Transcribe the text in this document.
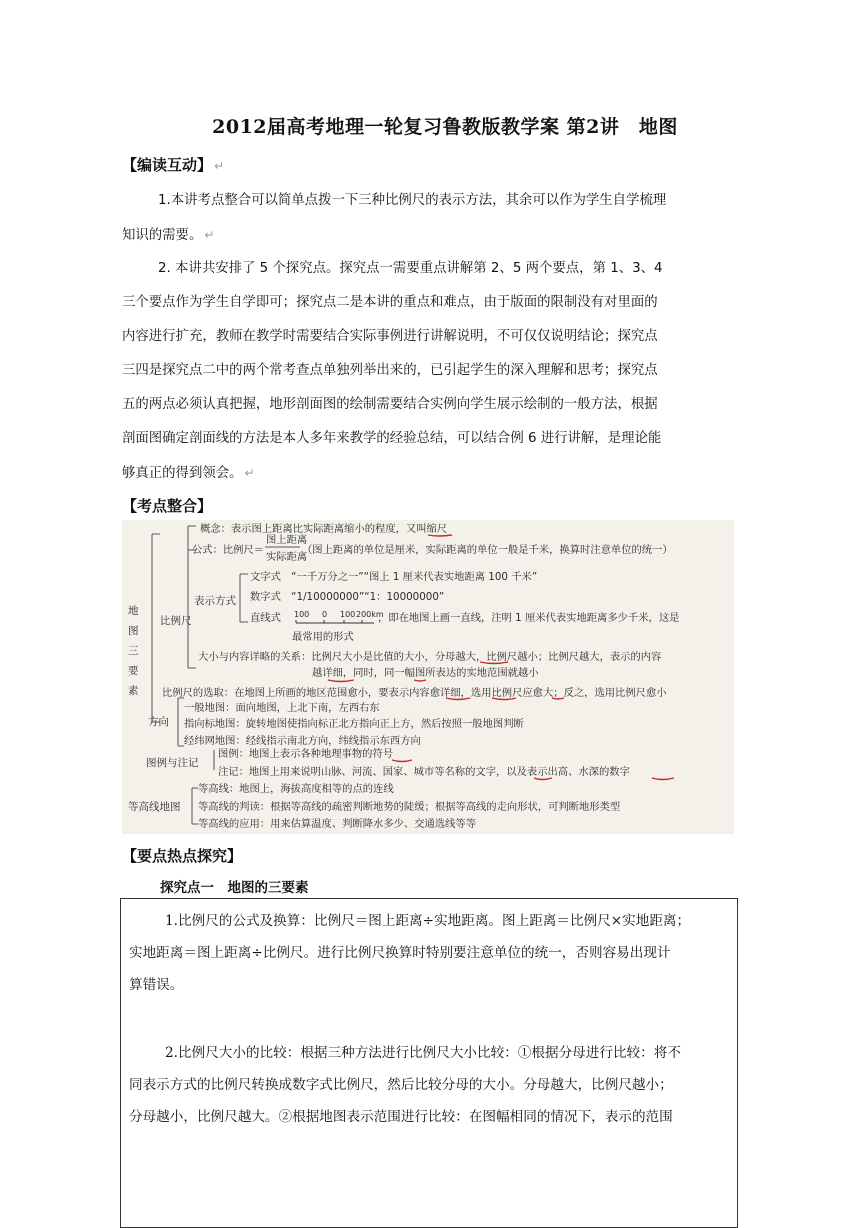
2012届高考地理一轮复习鲁教版教学案 第2讲　地图
【编读互动】 ↵
1.本讲考点整合可以简单点拨一下三种比例尺的表示方法，其余可以作为学生自学梳理
知识的需要。 ↵
2. 本讲共安排了 5 个探究点。探究点一需要重点讲解第 2、5 两个要点，第 1、3、4
三个要点作为学生自学即可；探究点二是本讲的重点和难点，由于版面的限制没有对里面的
内容进行扩充，教师在教学时需要结合实际事例进行讲解说明，不可仅仅说明结论；探究点
三四是探究点二中的两个常考查点单独列举出来的，已引起学生的深入理解和思考；探究点
五的两点必须认真把握，地形剖面图的绘制需要结合实例向学生展示绘制的一般方法，根据
剖面图确定剖面线的方法是本人多年来教学的经验总结，可以结合例 6 进行讲解，是理论能
够真正的得到领会。 ↵
【考点整合】
地
图
三
要
素
比例尺
概念：表示图上距离比实际距离缩小的程度，又叫缩尺
公式：比例尺＝
图上距离
实际距离
（图上距离的单位是厘米，实际距离的单位一般是千米，换算时注意单位的统一）
表示方式
文字式　“一千万分之一”“图上 1 厘米代表实地距离 100 千米”
数字式　“1/10000000”“1：10000000”
直线式 100 0 100 200km
，即在地图上画一直线，注明 1 厘米代表实地距离多少千米，这是
最常用的形式
大小与内容详略的关系：比例尺大小是比值的大小，分母越大，比例尺越小；比例尺越大，表示的内容
越详细，同时，同一幅图所表达的实地范围就越小
比例尺的选取：在地图上所画的地区范围愈小，要表示内容愈详细，选用比例尺应愈大；反之，选用比例尺愈小
方向
一般地图：面向地图，上北下南，左西右东
指向标地图：旋转地图使指向标正北方指向正上方，然后按照一般地图判断
经纬网地图：经线指示南北方向，纬线指示东西方向
图例与注记
图例：地图上表示各种地理事物的符号
注记：地图上用来说明山脉、河流、国家、城市等名称的文字，以及表示出高、水深的数字
等高线地图
等高线：地图上，海拔高度相等的点的连线
等高线的判读：根据等高线的疏密判断地势的陡缓；根据等高线的走向形状，可判断地形类型
等高线的应用：用来估算温度、判断降水多少、交通选线等等
【要点热点探究】
探究点一　地图的三要素
1.比例尺的公式及换算：比例尺＝图上距离÷实地距离。图上距离＝比例尺×实地距离；
实地距离＝图上距离÷比例尺。进行比例尺换算时特别要注意单位的统一，否则容易出现计
算错误。
2.比例尺大小的比较：根据三种方法进行比例尺大小比较：①根据分母进行比较：将不
同表示方式的比例尺转换成数字式比例尺，然后比较分母的大小。分母越大，比例尺越小；
分母越小，比例尺越大。②根据地图表示范围进行比较：在图幅相同的情况下，表示的范围
